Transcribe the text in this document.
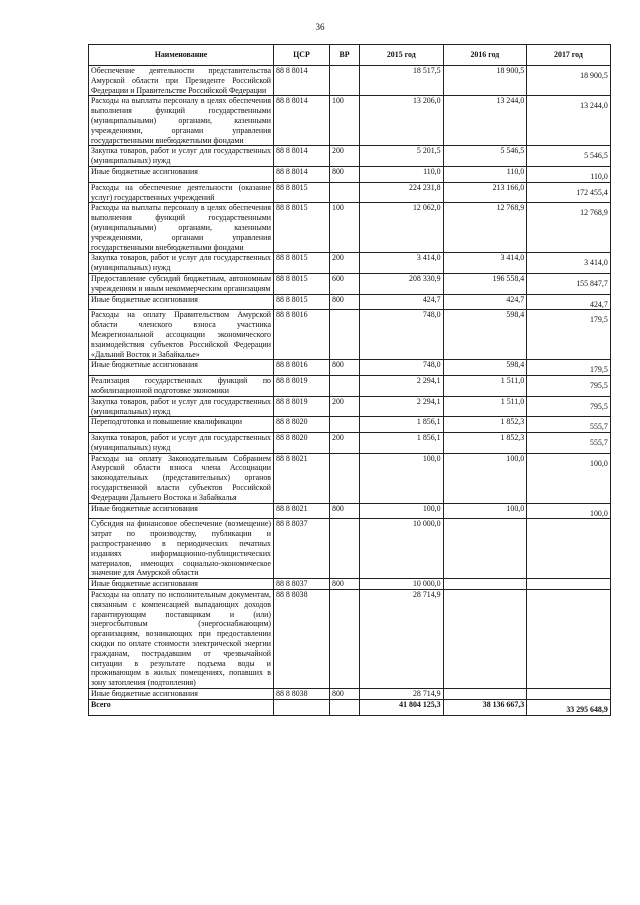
36
Наименование	ЦСР	ВР	2015 год	2016 год	2017 год
Обеспечение деятельности представительства Амурской области при Президенте Российской Федерации и Правительстве Российской Федерации	88 8 8014		18 517,5	18 900,5	18 900,5
Расходы на выплаты персоналу в целях обеспечения выполнения функций государственными (муниципальными) органами, казенными учреждениями, органами управления государственными внебюджетными фондами	88 8 8014	100	13 206,0	13 244,0	13 244,0
Закупка товаров, работ и услуг для государственных (муниципальных) нужд	88 8 8014	200	5 201,5	5 546,5	5 546,5
Иные бюджетные ассигнования	88 8 8014	800	110,0	110,0	110,0
Расходы на обеспечение деятельности (оказание услуг) государственных учреждений	88 8 8015		224 231,8	213 166,0	172 455,4
Расходы на выплаты персоналу в целях обеспечения выполнения функций государственными (муниципальными) органами, казенными учреждениями, органами управления государственными внебюджетными фондами	88 8 8015	100	12 062,0	12 768,9	12 768,9
Закупка товаров, работ и услуг для государственных (муниципальных) нужд	88 8 8015	200	3 414,0	3 414,0	3 414,0
Предоставление субсидий бюджетным, автономным учреждениям и иным некоммерческим организациям	88 8 8015	600	208 330,9	196 558,4	155 847,7
Иные бюджетные ассигнования	88 8 8015	800	424,7	424,7	424,7
Расходы на оплату Правительством Амурской области членского взноса участника Межрегиональной ассоциации экономического взаимодействия субъектов Российской Федерации «Дальний Восток и Забайкалье»	88 8 8016		748,0	598,4	179,5
Иные бюджетные ассигнования	88 8 8016	800	748,0	598,4	179,5
Реализация государственных функций по мобилизационной подготовке экономики	88 8 8019		2 294,1	1 511,0	795,5
Закупка товаров, работ и услуг для государственных (муниципальных) нужд	88 8 8019	200	2 294,1	1 511,0	795,5
Переподготовка и повышение квалификации	88 8 8020		1 856,1	1 852,3	555,7
Закупка товаров, работ и услуг для государственных (муниципальных) нужд	88 8 8020	200	1 856,1	1 852,3	555,7
Расходы на оплату Законодательным Собранием Амурской области взноса члена Ассоциации законодательных (представительных) органов государственной власти субъектов Российской Федерации Дальнего Востока и Забайкалья	88 8 8021		100,0	100,0	100,0
Иные бюджетные ассигнования	88 8 8021	800	100,0	100,0	100,0
Субсидия на финансовое обеспечение (возмещение) затрат по производству, публикации и распространению в периодических печатных изданиях информационно-публицистических материалов, имеющих социально-экономическое значение для Амурской области	88 8 8037		10 000,0		
Иные бюджетные ассигнования	88 8 8037	800	10 000,0		
Расходы на оплату по исполнительным документам, связанным с компенсацией выпадающих доходов гарантирующим поставщикам и (или) энергосбытовым (энергоснабжающим) организациям, возникающих при предоставлении скидки по оплате стоимости электрической энергии гражданам, пострадавшим от чрезвычайной ситуации в результате подъема воды и проживающим в жилых помещениях, попавших в зону затопления (подтопления)	88 8 8038		28 714,9		
Иные бюджетные ассигнования	88 8 8038	800	28 714,9		
Всего			41 804 125,3	38 136 667,3	33 295 648,9
